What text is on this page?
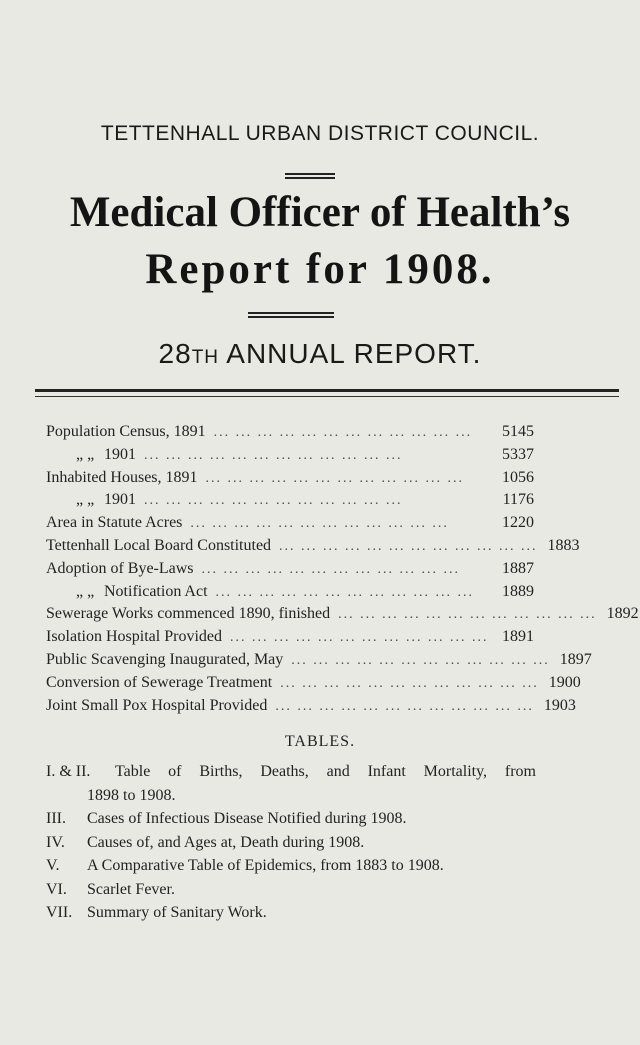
TETTENHALL URBAN DISTRICT COUNCIL.
Medical Officer of Health’s
Report for 1908.
28TH ANNUAL REPORT.
Population Census, 1891 ... ... ... ... ... ... ... ... ... ... ... ...	5145
„ „ 1901 ... ... ... ... ... ... ... ... ... ... ... ...	5337
Inhabited Houses, 1891 ... ... ... ... ... ... ... ... ... ... ... ...	1056
„ „ 1901 ... ... ... ... ... ... ... ... ... ... ... ...	1176
Area in Statute Acres ... ... ... ... ... ... ... ... ... ... ... ...	1220
Tettenhall Local Board Constituted ... ... ... ... ... ... ... ... ... ... ... ... 1883
Adoption of Bye-Laws ... ... ... ... ... ... ... ... ... ... ... ...	1887
„ „ Notification Act ... ... ... ... ... ... ... ... ... ... ... ...	1889
Sewerage Works commenced 1890, finished ... ... ... ... ... ... ... ... ... ... ... ... 1892
Isolation Hospital Provided ... ... ... ... ... ... ... ... ... ... ... ... 1891
Public Scavenging Inaugurated, May ... ... ... ... ... ... ... ... ... ... ... ... 1897
Conversion of Sewerage Treatment ... ... ... ... ... ... ... ... ... ... ... ... 1900
Joint Small Pox Hospital Provided ... ... ... ... ... ... ... ... ... ... ... ... 1903
TABLES.
I. & II.	Table of Births, Deaths, and Infant Mortality, from
1898 to 1908.
III.	Cases of Infectious Disease Notified during 1908.
IV.	Causes of, and Ages at, Death during 1908.
V.	A Comparative Table of Epidemics, from 1883 to 1908.
VI.	Scarlet Fever.
VII. Summary of Sanitary Work.
